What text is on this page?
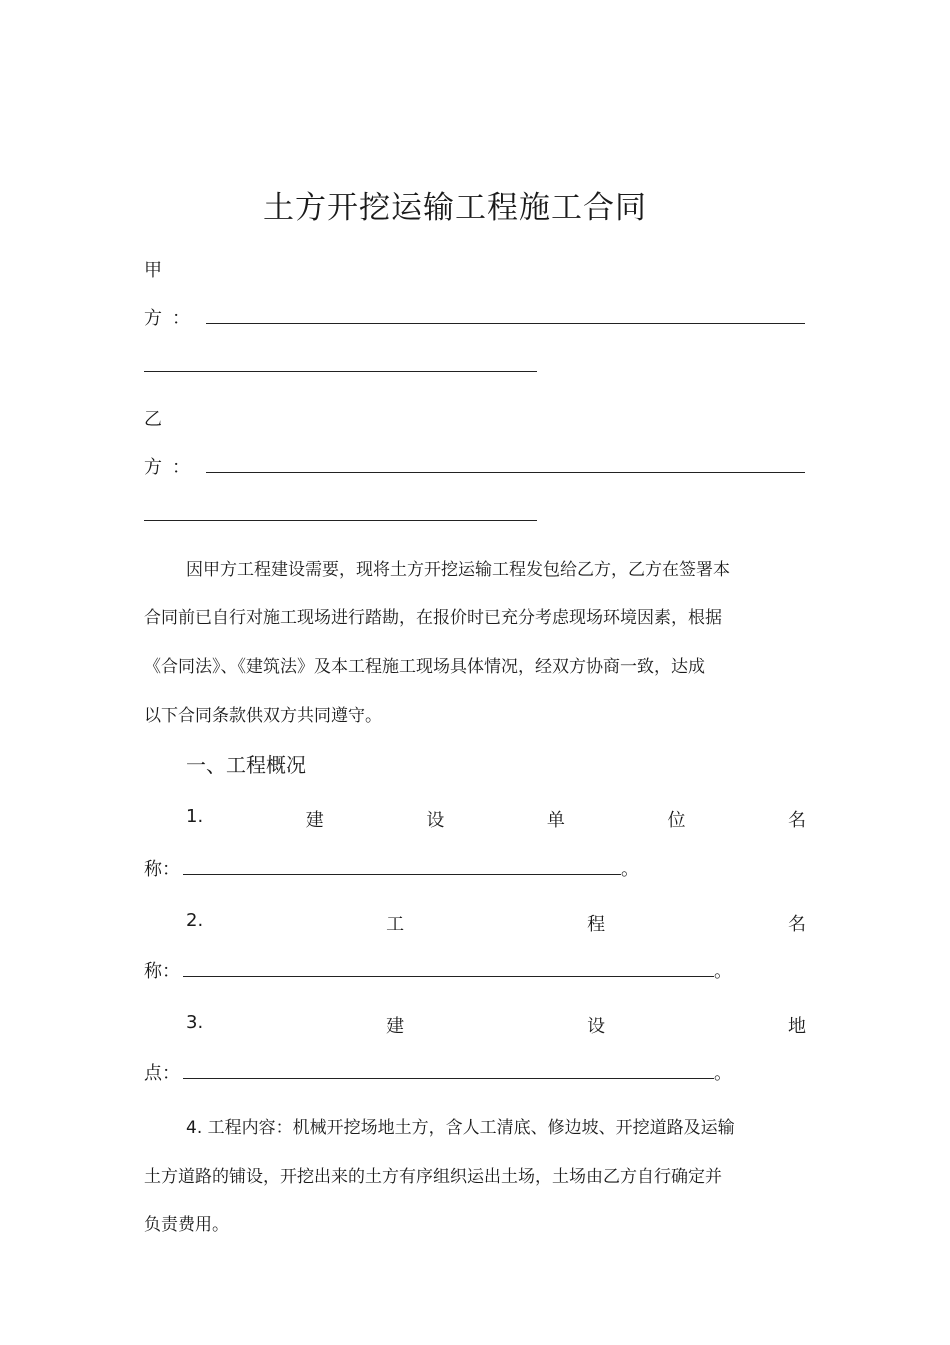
土方开挖运输工程施工合同
甲
方 ：
乙
方 ：
因甲方工程建设需要，现将土方开挖运输工程发包给乙方，乙方在签署本
合同前已自行对施工现场进行踏勘，在报价时已充分考虑现场环境因素，根据
《合同法》、《建筑法》及本工程施工现场具体情况，经双方协商一致，达成
以下合同条款供双方共同遵守。
一、工程概况
1.	建	设	单	位	名
称：	。
2.	工	程	名
称：	。
3.	建	设	地
点：	。
4. 工程内容：机械开挖场地土方，含人工清底、修边坡、开挖道路及运输
土方道路的铺设，开挖出来的土方有序组织运出土场，土场由乙方自行确定并
负责费用。
